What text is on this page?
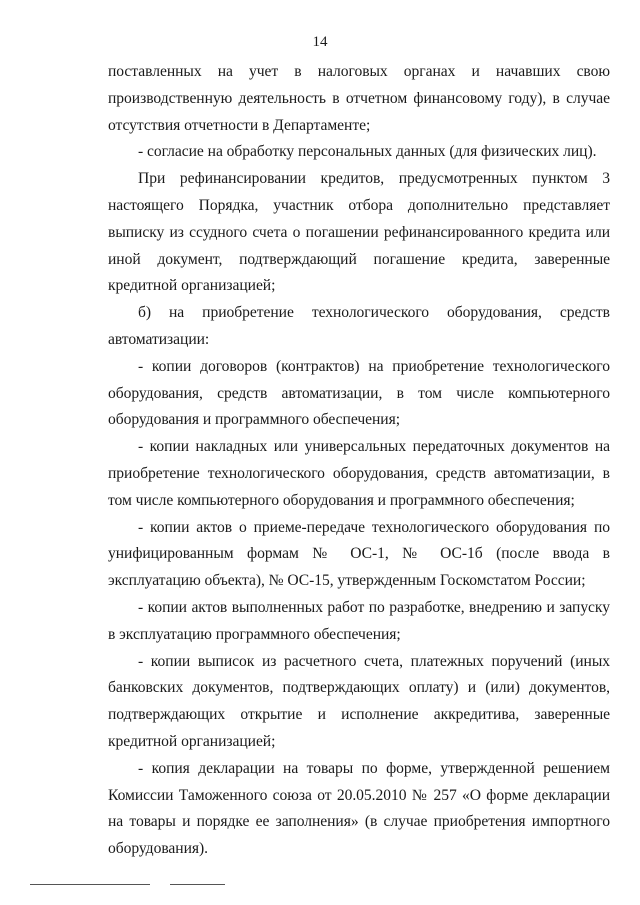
14

поставленных на учет в налоговых органах и начавших свою производственную деятельность в отчетном финансовому году), в случае отсутствия отчетности в Департаменте;

- согласие на обработку персональных данных (для физических лиц).

При рефинансировании кредитов, предусмотренных пунктом 3 настоящего Порядка, участник отбора дополнительно представляет выписку из ссудного счета о погашении рефинансированного кредита или иной документ, подтверждающий погашение кредита, заверенные кредитной организацией;

б) на приобретение технологического оборудования, средств автоматизации:

- копии договоров (контрактов) на приобретение технологического оборудования, средств автоматизации, в том числе компьютерного оборудования и программного обеспечения;

- копии накладных или универсальных передаточных документов на приобретение технологического оборудования, средств автоматизации, в том числе компьютерного оборудования и программного обеспечения;

- копии актов о приеме-передаче технологического оборудования по унифицированным формам № ОС-1, № ОС-1б (после ввода в эксплуатацию объекта), № ОС-15, утвержденным Госкомстатом России;

- копии актов выполненных работ по разработке, внедрению и запуску в эксплуатацию программного обеспечения;

- копии выписок из расчетного счета, платежных поручений (иных банковских документов, подтверждающих оплату) и (или) документов, подтверждающих открытие и исполнение аккредитива, заверенные кредитной организацией;

- копия декларации на товары по форме, утвержденной решением Комиссии Таможенного союза от 20.05.2010 № 257 «О форме декларации на товары и порядке ее заполнения» (в случае приобретения импортного оборудования).
